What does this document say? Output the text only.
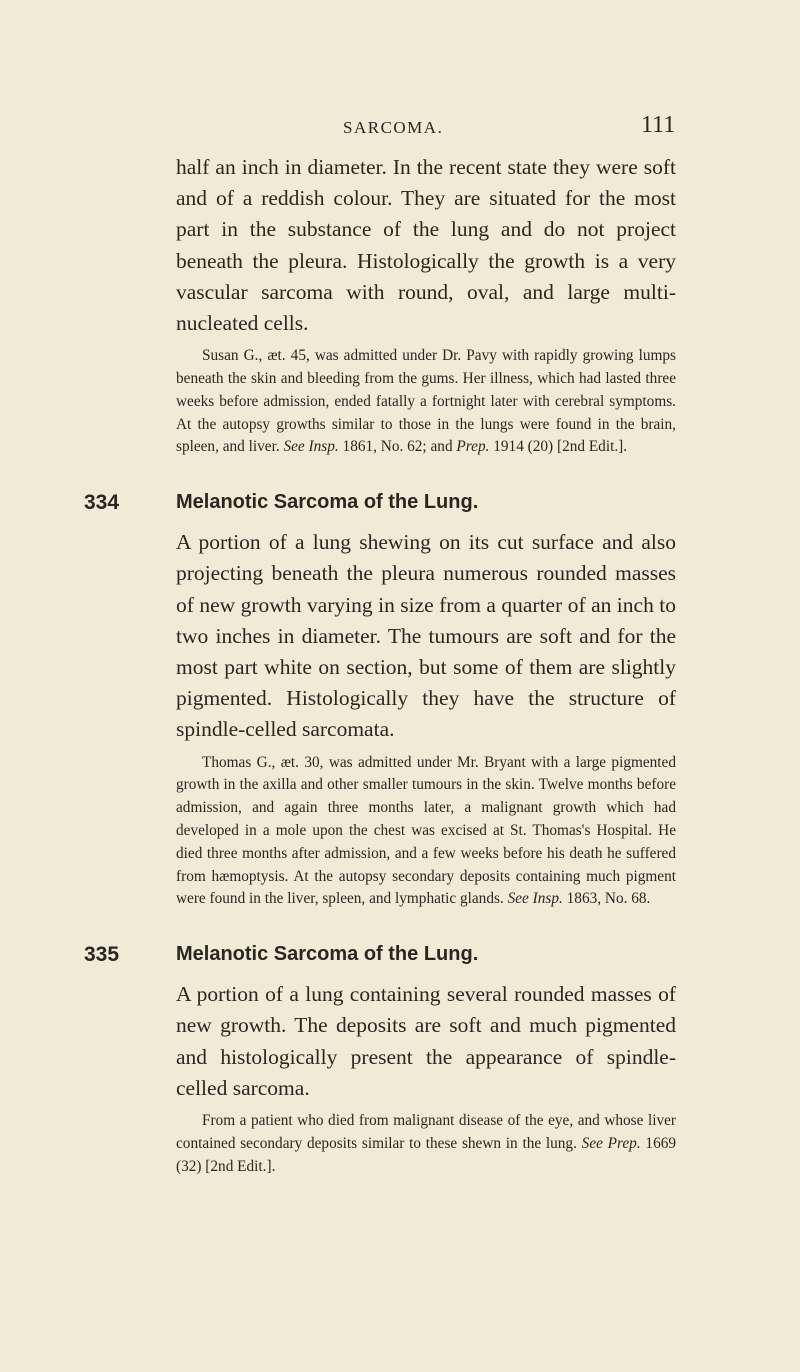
SARCOMA.	111

half an inch in diameter. In the recent state they were soft and of a reddish colour. They are situated for the most part in the substance of the lung and do not project beneath the pleura. Histologically the growth is a very vascular sarcoma with round, oval, and large multi-nucleated cells.

Susan G., æt. 45, was admitted under Dr. Pavy with rapidly growing lumps beneath the skin and bleeding from the gums. Her illness, which had lasted three weeks before admission, ended fatally a fortnight later with cerebral symptoms. At the autopsy growths similar to those in the lungs were found in the brain, spleen, and liver. See Insp. 1861, No. 62; and Prep. 1914 (20) [2nd Edit.].

334	Melanotic Sarcoma of the Lung.

A portion of a lung shewing on its cut surface and also projecting beneath the pleura numerous rounded masses of new growth varying in size from a quarter of an inch to two inches in diameter. The tumours are soft and for the most part white on section, but some of them are slightly pigmented. Histologically they have the structure of spindle-celled sarcomata.

Thomas G., æt. 30, was admitted under Mr. Bryant with a large pigmented growth in the axilla and other smaller tumours in the skin. Twelve months before admission, and again three months later, a malignant growth which had developed in a mole upon the chest was excised at St. Thomas's Hospital. He died three months after admission, and a few weeks before his death he suffered from hæmoptysis. At the autopsy secondary deposits containing much pigment were found in the liver, spleen, and lymphatic glands. See Insp. 1863, No. 68.

335	Melanotic Sarcoma of the Lung.

A portion of a lung containing several rounded masses of new growth. The deposits are soft and much pigmented and histologically present the appearance of spindle-celled sarcoma.

From a patient who died from malignant disease of the eye, and whose liver contained secondary deposits similar to these shewn in the lung. See Prep. 1669 (32) [2nd Edit.].
